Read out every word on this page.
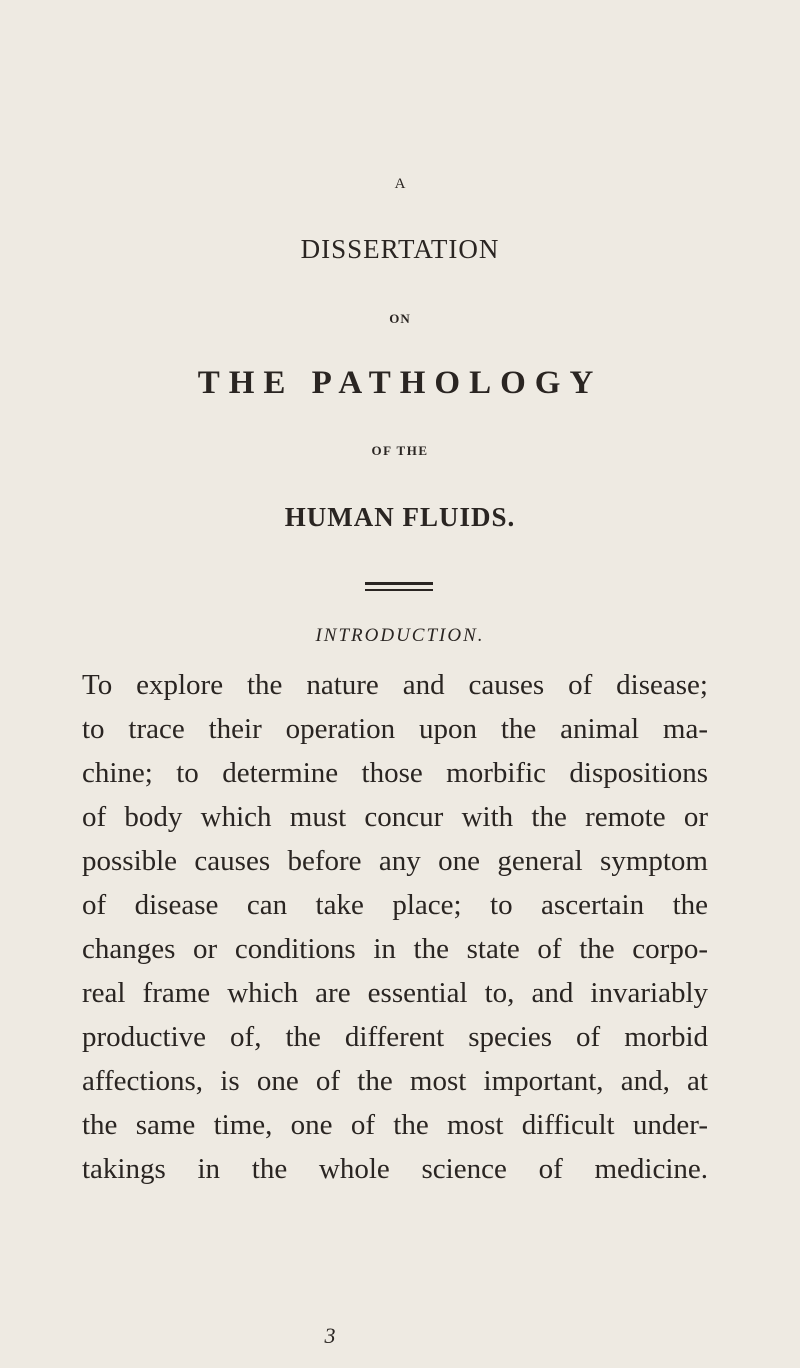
A
DISSERTATION
ON
THE PATHOLOGY
OF THE
HUMAN FLUIDS.
INTRODUCTION.
To explore the nature and causes of disease;
to trace their operation upon the animal ma-
chine; to determine those morbific dispositions
of body which must concur with the remote or
possible causes before any one general symptom
of disease can take place; to ascertain the
changes or conditions in the state of the corpo-
real frame which are essential to, and invariably
productive of, the different species of morbid
affections, is one of the most important, and, at
the same time, one of the most difficult under-
takings in the whole science of medicine.
3
